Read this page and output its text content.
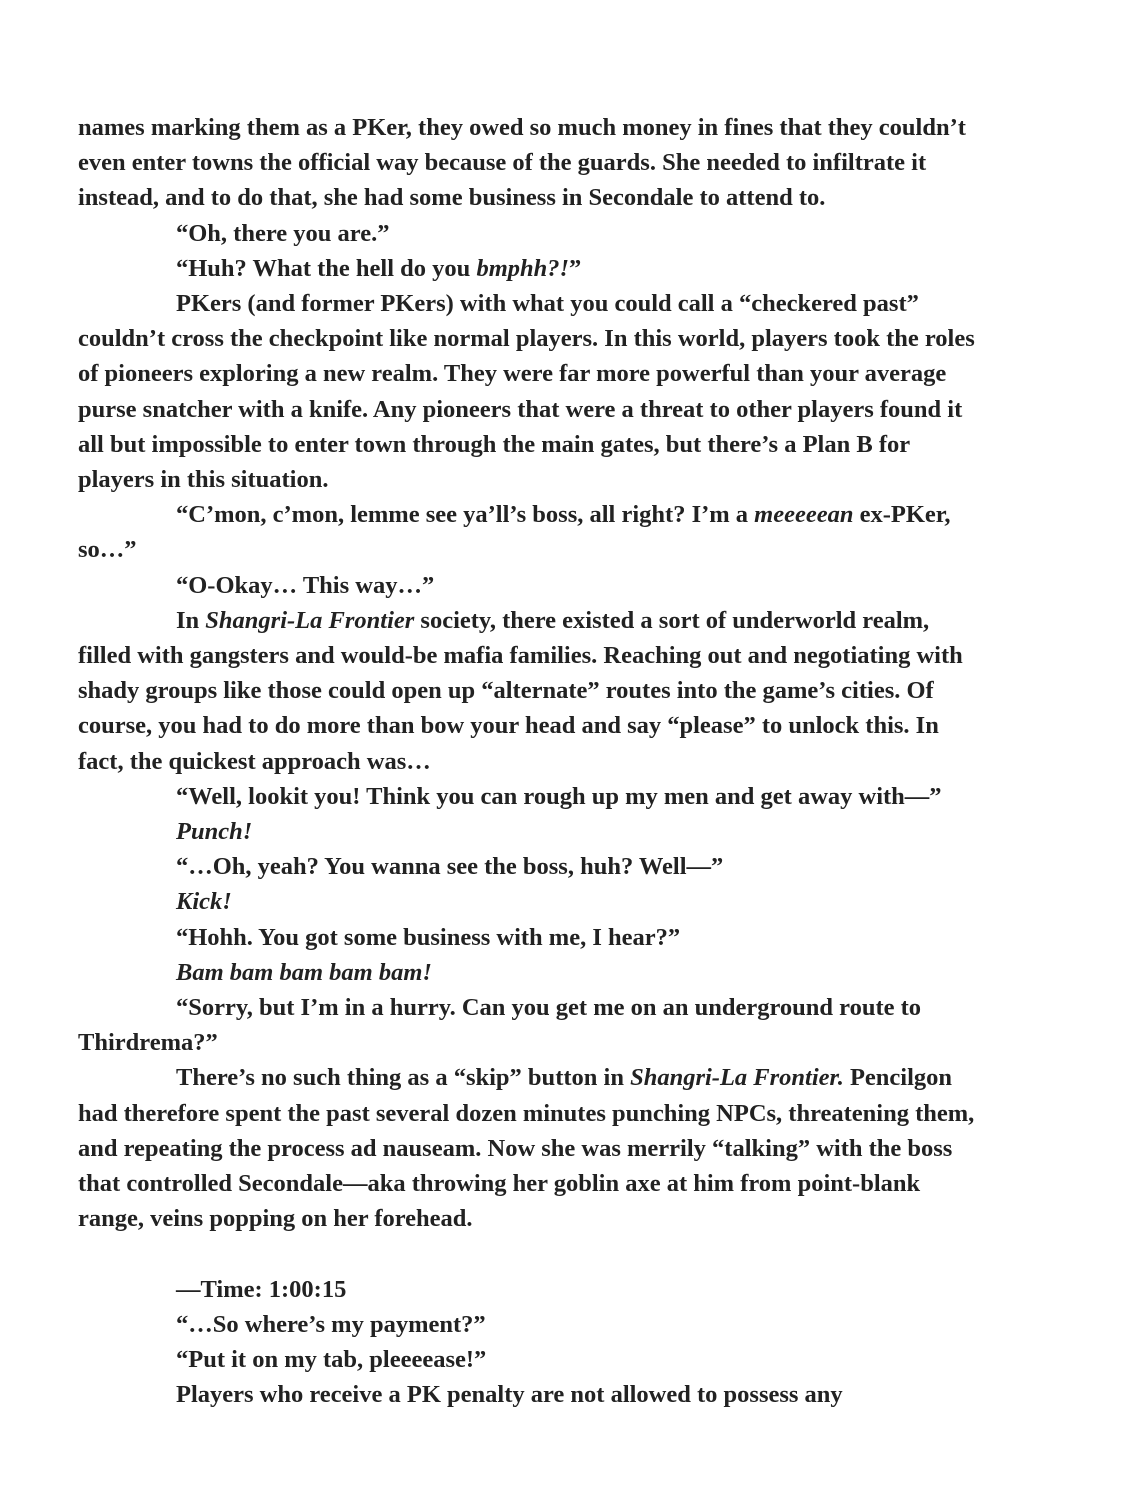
names marking them as a PKer, they owed so much money in fines that they couldn’t even enter towns the official way because of the guards. She needed to infiltrate it instead, and to do that, she had some business in Secondale to attend to.

“Oh, there you are.”

“Huh? What the hell do you bmphh?!”

PKers (and former PKers) with what you could call a “checkered past” couldn’t cross the checkpoint like normal players. In this world, players took the roles of pioneers exploring a new realm. They were far more powerful than your average purse snatcher with a knife. Any pioneers that were a threat to other players found it all but impossible to enter town through the main gates, but there’s a Plan B for players in this situation.

“C’mon, c’mon, lemme see ya’ll’s boss, all right? I’m a meeeeean ex-PKer, so…”

“O-Okay… This way…”

In Shangri-La Frontier society, there existed a sort of underworld realm, filled with gangsters and would-be mafia families. Reaching out and negotiating with shady groups like those could open up “alternate” routes into the game’s cities. Of course, you had to do more than bow your head and say “please” to unlock this. In fact, the quickest approach was…

“Well, lookit you! Think you can rough up my men and get away with—”

Punch!

“…Oh, yeah? You wanna see the boss, huh? Well—”

Kick!

“Hohh. You got some business with me, I hear?”

Bam bam bam bam bam!

“Sorry, but I’m in a hurry. Can you get me on an underground route to Thirdrema?”

There’s no such thing as a “skip” button in Shangri-La Frontier. Pencilgon had therefore spent the past several dozen minutes punching NPCs, threatening them, and repeating the process ad nauseam. Now she was merrily “talking” with the boss that controlled Secondale—aka throwing her goblin axe at him from point-blank range, veins popping on her forehead.

—Time: 1:00:15

“…So where’s my payment?”

“Put it on my tab, pleeeease!”

Players who receive a PK penalty are not allowed to possess any
